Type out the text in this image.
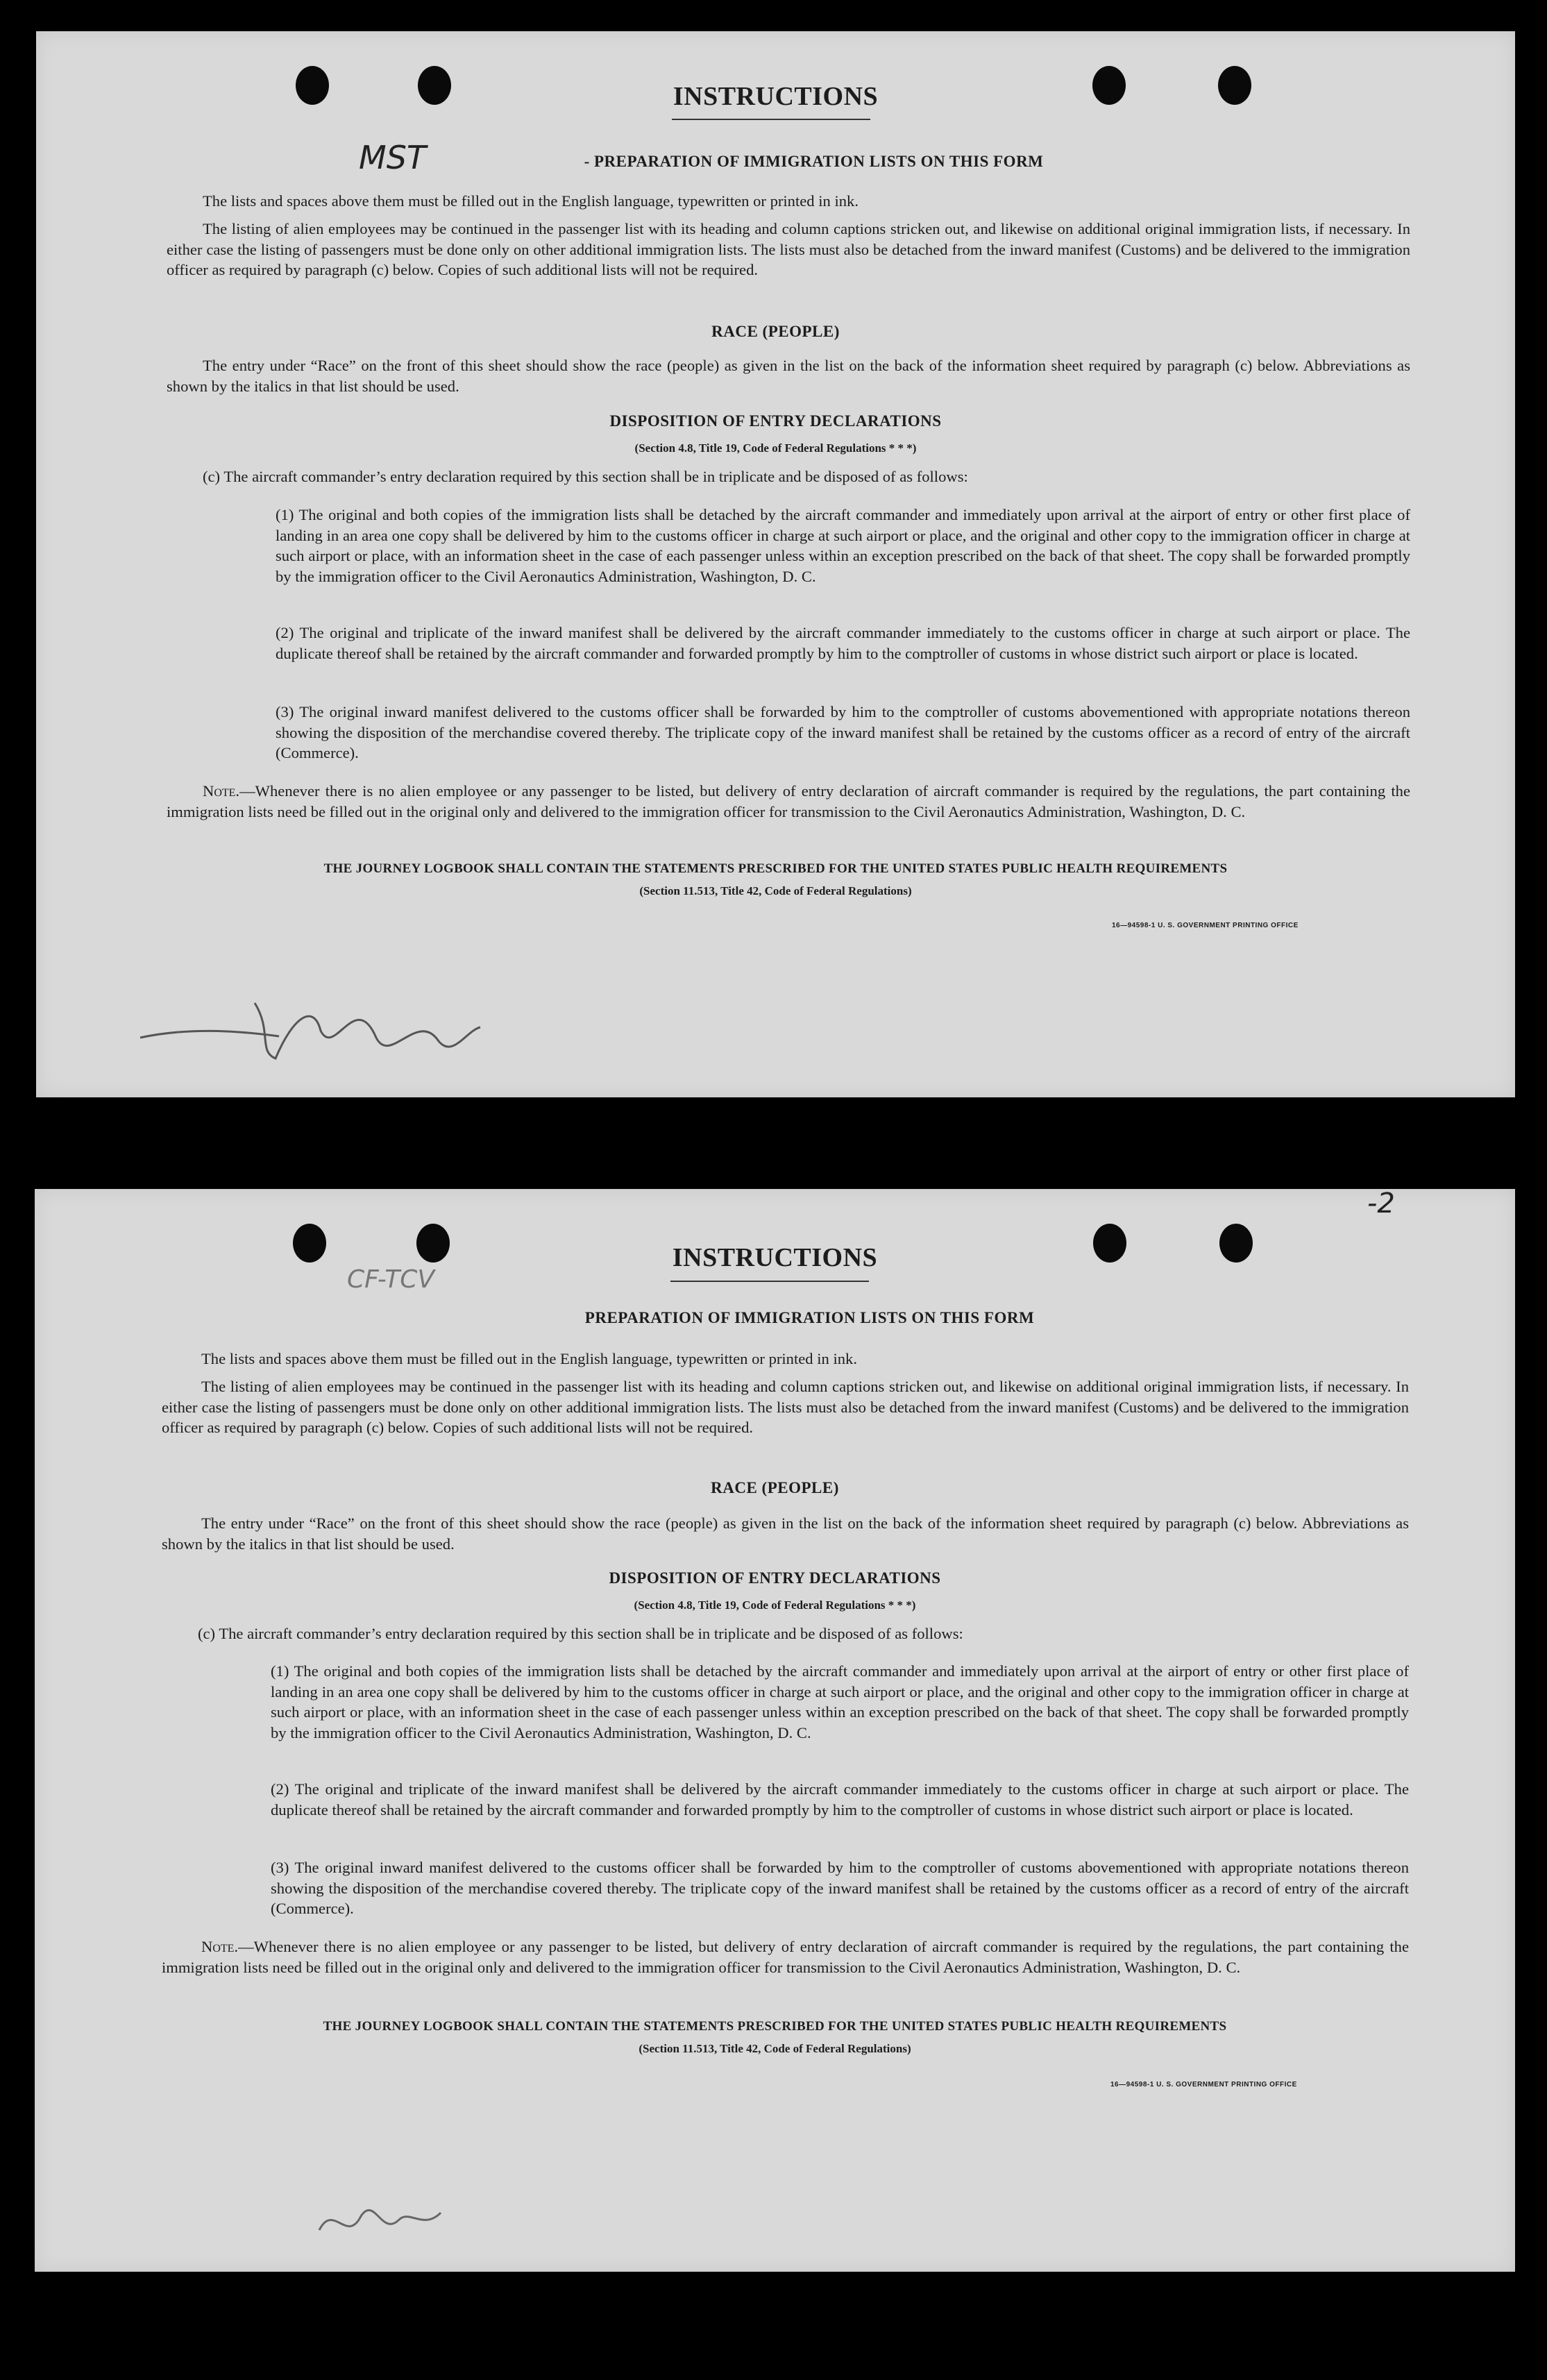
MST
INSTRUCTIONS
- PREPARATION OF IMMIGRATION LISTS ON THIS FORM

The lists and spaces above them must be filled out in the English language, typewritten or printed in ink.

The listing of alien employees may be continued in the passenger list with its heading and column captions stricken out, and likewise on additional original immigration lists, if necessary. In either case the listing of passengers must be done only on other additional immigration lists. The lists must also be detached from the inward manifest (Customs) and be delivered to the immigration officer as required by paragraph (c) below. Copies of such additional lists will not be required.

RACE (PEOPLE)

The entry under “Race” on the front of this sheet should show the race (people) as given in the list on the back of the information sheet required by paragraph (c) below. Abbreviations as shown by the italics in that list should be used.

DISPOSITION OF ENTRY DECLARATIONS
(Section 4.8, Title 19, Code of Federal Regulations * * *)

(c) The aircraft commander’s entry declaration required by this section shall be in triplicate and be disposed of as follows:

(1) The original and both copies of the immigration lists shall be detached by the aircraft commander and immediately upon arrival at the airport of entry or other first place of landing in an area one copy shall be delivered by him to the customs officer in charge at such airport or place, and the original and other copy to the immigration officer in charge at such airport or place, with an information sheet in the case of each passenger unless within an exception prescribed on the back of that sheet. The copy shall be forwarded promptly by the immigration officer to the Civil Aeronautics Administration, Washington, D. C.

(2) The original and triplicate of the inward manifest shall be delivered by the aircraft commander immediately to the customs officer in charge at such airport or place. The duplicate thereof shall be retained by the aircraft commander and forwarded promptly by him to the comptroller of customs in whose district such airport or place is located.

(3) The original inward manifest delivered to the customs officer shall be forwarded by him to the comptroller of customs abovementioned with appropriate notations thereon showing the disposition of the merchandise covered thereby. The triplicate copy of the inward manifest shall be retained by the customs officer as a record of entry of the aircraft (Commerce).

Note.—Whenever there is no alien employee or any passenger to be listed, but delivery of entry declaration of aircraft commander is required by the regulations, the part containing the immigration lists need be filled out in the original only and delivered to the immigration officer for transmission to the Civil Aeronautics Administration, Washington, D. C.

THE JOURNEY LOGBOOK SHALL CONTAIN THE STATEMENTS PRESCRIBED FOR THE UNITED STATES PUBLIC HEALTH REQUIREMENTS
(Section 11.513, Title 42, Code of Federal Regulations)
16—94598-1 U. S. GOVERNMENT PRINTING OFFICE
-2
CF-TCV
INSTRUCTIONS
PREPARATION OF IMMIGRATION LISTS ON THIS FORM

The lists and spaces above them must be filled out in the English language, typewritten or printed in ink.

The listing of alien employees may be continued in the passenger list with its heading and column captions stricken out, and likewise on additional original immigration lists, if necessary. In either case the listing of passengers must be done only on other additional immigration lists. The lists must also be detached from the inward manifest (Customs) and be delivered to the immigration officer as required by paragraph (c) below. Copies of such additional lists will not be required.

RACE (PEOPLE)

The entry under “Race” on the front of this sheet should show the race (people) as given in the list on the back of the information sheet required by paragraph (c) below. Abbreviations as shown by the italics in that list should be used.

DISPOSITION OF ENTRY DECLARATIONS
(Section 4.8, Title 19, Code of Federal Regulations * * *)

(c) The aircraft commander’s entry declaration required by this section shall be in triplicate and be disposed of as follows:

(1) The original and both copies of the immigration lists shall be detached by the aircraft commander and immediately upon arrival at the airport of entry or other first place of landing in an area one copy shall be delivered by him to the customs officer in charge at such airport or place, and the original and other copy to the immigration officer in charge at such airport or place, with an information sheet in the case of each passenger unless within an exception prescribed on the back of that sheet. The copy shall be forwarded promptly by the immigration officer to the Civil Aeronautics Administration, Washington, D. C.

(2) The original and triplicate of the inward manifest shall be delivered by the aircraft commander immediately to the customs officer in charge at such airport or place. The duplicate thereof shall be retained by the aircraft commander and forwarded promptly by him to the comptroller of customs in whose district such airport or place is located.

(3) The original inward manifest delivered to the customs officer shall be forwarded by him to the comptroller of customs abovementioned with appropriate notations thereon showing the disposition of the merchandise covered thereby. The triplicate copy of the inward manifest shall be retained by the customs officer as a record of entry of the aircraft (Commerce).

Note.—Whenever there is no alien employee or any passenger to be listed, but delivery of entry declaration of aircraft commander is required by the regulations, the part containing the immigration lists need be filled out in the original only and delivered to the immigration officer for transmission to the Civil Aeronautics Administration, Washington, D. C.

THE JOURNEY LOGBOOK SHALL CONTAIN THE STATEMENTS PRESCRIBED FOR THE UNITED STATES PUBLIC HEALTH REQUIREMENTS
(Section 11.513, Title 42, Code of Federal Regulations)
16—94598-1 U. S. GOVERNMENT PRINTING OFFICE
